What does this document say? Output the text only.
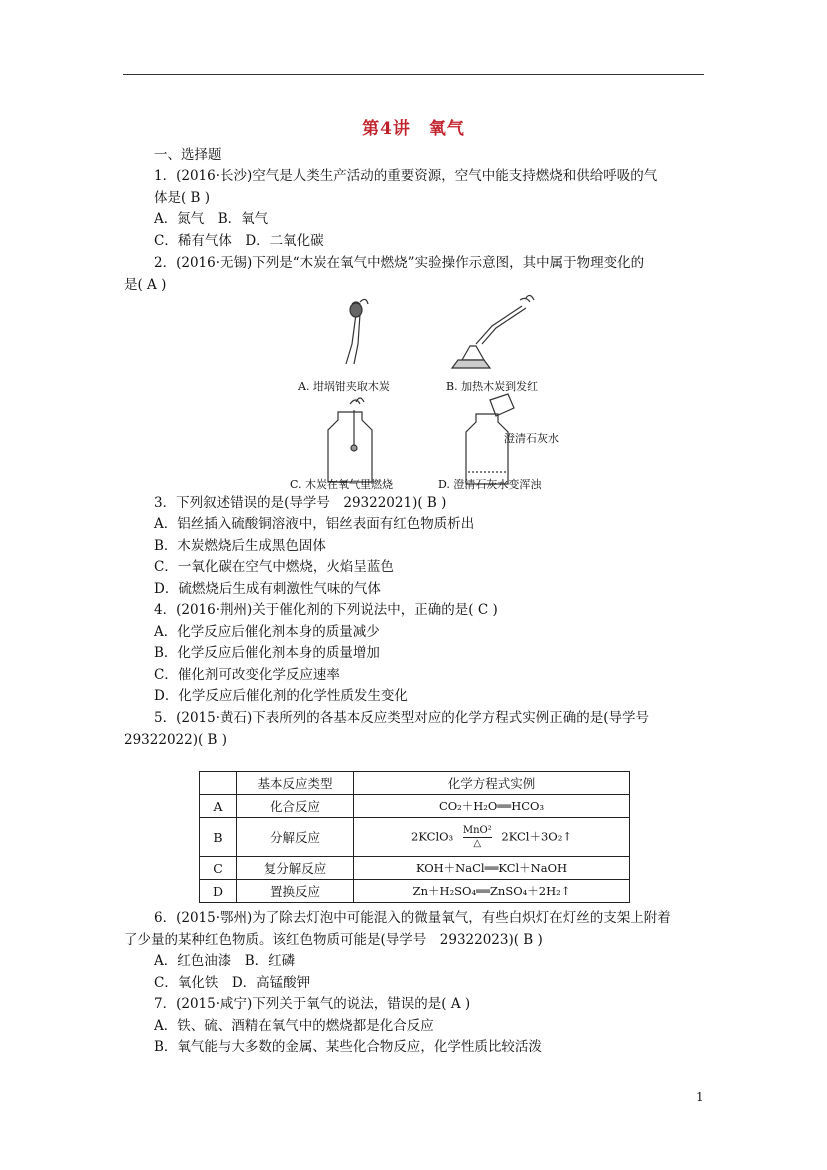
第4讲　氧气
一、选择题
1．(2016·长沙)空气是人类生产活动的重要资源，空气中能支持燃烧和供给呼吸的气
体是( B )
A．氮气　B．氧气
C．稀有气体　D．二氧化碳
2．(2016·无锡)下列是“木炭在氧气中燃烧”实验操作示意图，其中属于物理变化的
是( A )
A. 坩埚钳夹取木炭	B. 加热木炭到发红
C. 木炭在氧气里燃烧	D. 澄清石灰水变浑浊
澄清石灰水
3．下列叙述错误的是(导学号　29322021)( B )
A．铝丝插入硫酸铜溶液中，铝丝表面有红色物质析出
B．木炭燃烧后生成黑色固体
C．一氧化碳在空气中燃烧，火焰呈蓝色
D．硫燃烧后生成有刺激性气味的气体
4．(2016·荆州)关于催化剂的下列说法中，正确的是( C )
A．化学反应后催化剂本身的质量减少
B．化学反应后催化剂本身的质量增加
C．催化剂可改变化学反应速率
D．化学反应后催化剂的化学性质发生变化
5．(2015·黄石)下表所列的各基本反应类型对应的化学方程式实例正确的是(导学号
29322022)( B )
	基本反应类型	化学方程式实例
A	化合反应	CO₂＋H₂O══HCO₃
B	分解反应	2KClO₃ MnO²
△ 2KCl＋3O₂↑
C	复分解反应	KOH＋NaCl══KCl＋NaOH
D	置换反应	Zn＋H₂SO₄══ZnSO₄＋2H₂↑
6．(2015·鄂州)为了除去灯泡中可能混入的微量氧气，有些白炽灯在灯丝的支架上附着
了少量的某种红色物质。该红色物质可能是(导学号　29322023)( B )
A．红色油漆　B．红磷
C．氧化铁　D．高锰酸钾
7．(2015·咸宁)下列关于氧气的说法，错误的是( A )
A．铁、硫、酒精在氧气中的燃烧都是化合反应
B．氧气能与大多数的金属、某些化合物反应，化学性质比较活泼
1
